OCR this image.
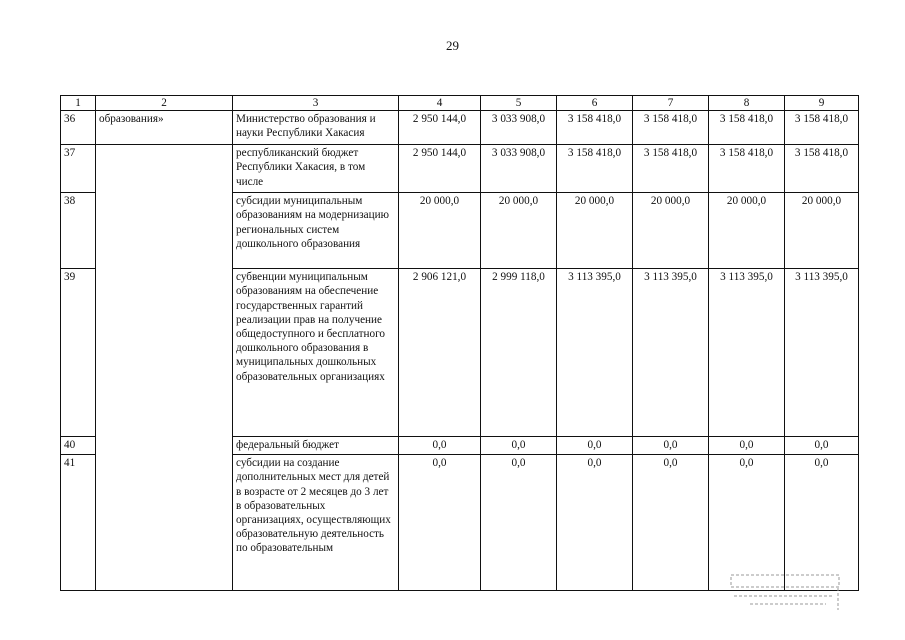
29
1	2	3	4	5	6	7	8	9
36	образования»	Министерство образования и науки Республики Хакасия	2 950 144,0	3 033 908,0	3 158 418,0	3 158 418,0	3 158 418,0	3 158 418,0
37		республиканский бюджет Республики Хакасия, в том числе	2 950 144,0	3 033 908,0	3 158 418,0	3 158 418,0	3 158 418,0	3 158 418,0
38		субсидии муниципальным образованиям на модернизацию региональных систем дошкольного образования	20 000,0	20 000,0	20 000,0	20 000,0	20 000,0	20 000,0
39		субвенции муниципальным образованиям на обеспечение государственных гарантий реализации прав на получение общедоступного и бесплатного дошкольного образования в муниципальных дошкольных образовательных организациях	2 906 121,0	2 999 118,0	3 113 395,0	3 113 395,0	3 113 395,0	3 113 395,0
40		федеральный бюджет	0,0	0,0	0,0	0,0	0,0	0,0
41		субсидии на создание дополнительных мест для детей в возрасте от 2 месяцев до 3 лет в образовательных организациях, осуществляющих образовательную деятельность по образовательным	0,0	0,0	0,0	0,0	0,0	0,0
